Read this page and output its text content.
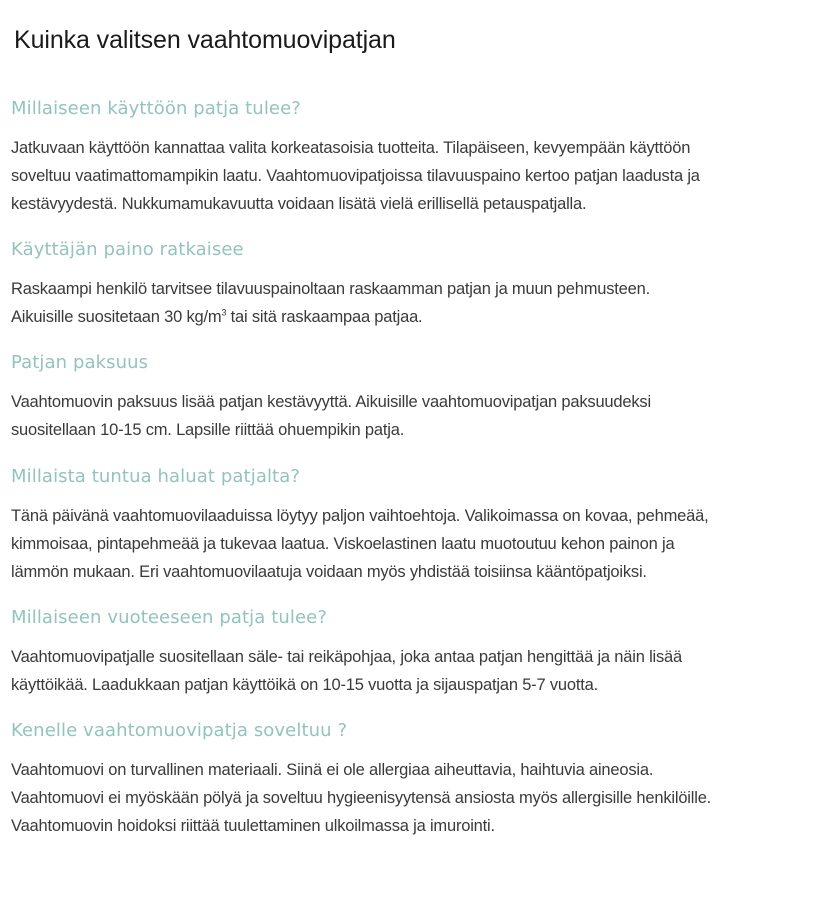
Kuinka valitsen vaahtomuovipatjan
Millaiseen käyttöön patja tulee?

Jatkuvaan käyttöön kannattaa valita korkeatasoisia tuotteita. Tilapäiseen, kevyempään käyttöön
soveltuu vaatimattomampikin laatu. Vaahtomuovipatjoissa tilavuuspaino kertoo patjan laadusta ja
kestävyydestä. Nukkumamukavuutta voidaan lisätä vielä erillisellä petauspatjalla.

Käyttäjän paino ratkaisee

Raskaampi henkilö tarvitsee tilavuuspainoltaan raskaamman patjan ja muun pehmusteen.
Aikuisille suositetaan 30 $kg/m^3$ tai sitä raskaampaa patjaa.

Patjan paksuus

Vaahtomuovin paksuus lisää patjan kestävyyttä. Aikuisille vaahtomuovipatjan paksuudeksi
suositellaan 10-15 cm. Lapsille riittää ohuempikin patja.

Millaista tuntua haluat patjalta?

Tänä päivänä vaahtomuovilaaduissa löytyy paljon vaihtoehtoja. Valikoimassa on kovaa, pehmeää,
kimmoisaa, pintapehmeää ja tukevaa laatua. Viskoelastinen laatu muotoutuu kehon painon ja
lämmön mukaan. Eri vaahtomuovilaatuja voidaan myös yhdistää toisiinsa kääntöpatjoiksi.

Millaiseen vuoteeseen patja tulee?

Vaahtomuovipatjalle suositellaan säle- tai reikäpohjaa, joka antaa patjan hengittää ja näin lisää
käyttöikää. Laadukkaan patjan käyttöikä on 10-15 vuotta ja sijauspatjan 5-7 vuotta.

Kenelle vaahtomuovipatja soveltuu ?

Vaahtomuovi on turvallinen materiaali. Siinä ei ole allergiaa aiheuttavia, haihtuvia aineosia.
Vaahtomuovi ei myöskään pölyä ja soveltuu hygieenisyytensä ansiosta myös allergisille henkilöille.
Vaahtomuovin hoidoksi riittää tuulettaminen ulkoilmassa ja imurointi.
